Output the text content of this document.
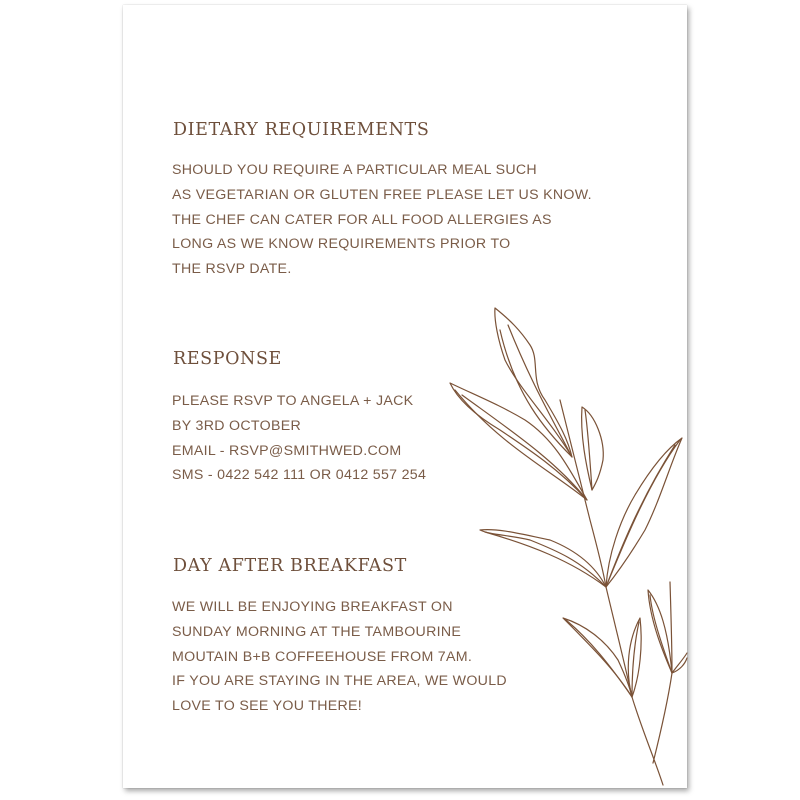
DIETARY REQUIREMENTS
SHOULD YOU REQUIRE A PARTICULAR MEAL SUCH
AS VEGETARIAN OR GLUTEN FREE PLEASE LET US KNOW.
THE CHEF CAN CATER FOR ALL FOOD ALLERGIES AS
LONG AS WE KNOW REQUIREMENTS PRIOR TO
THE RSVP DATE.
RESPONSE
PLEASE RSVP TO ANGELA + JACK
BY 3RD OCTOBER
EMAIL - RSVP@SMITHWED.COM
SMS - 0422 542 111 OR 0412 557 254
DAY AFTER BREAKFAST
WE WILL BE ENJOYING BREAKFAST ON
SUNDAY MORNING AT THE TAMBOURINE
MOUTAIN B+B COFFEEHOUSE FROM 7AM.
IF YOU ARE STAYING IN THE AREA, WE WOULD
LOVE TO SEE YOU THERE!
